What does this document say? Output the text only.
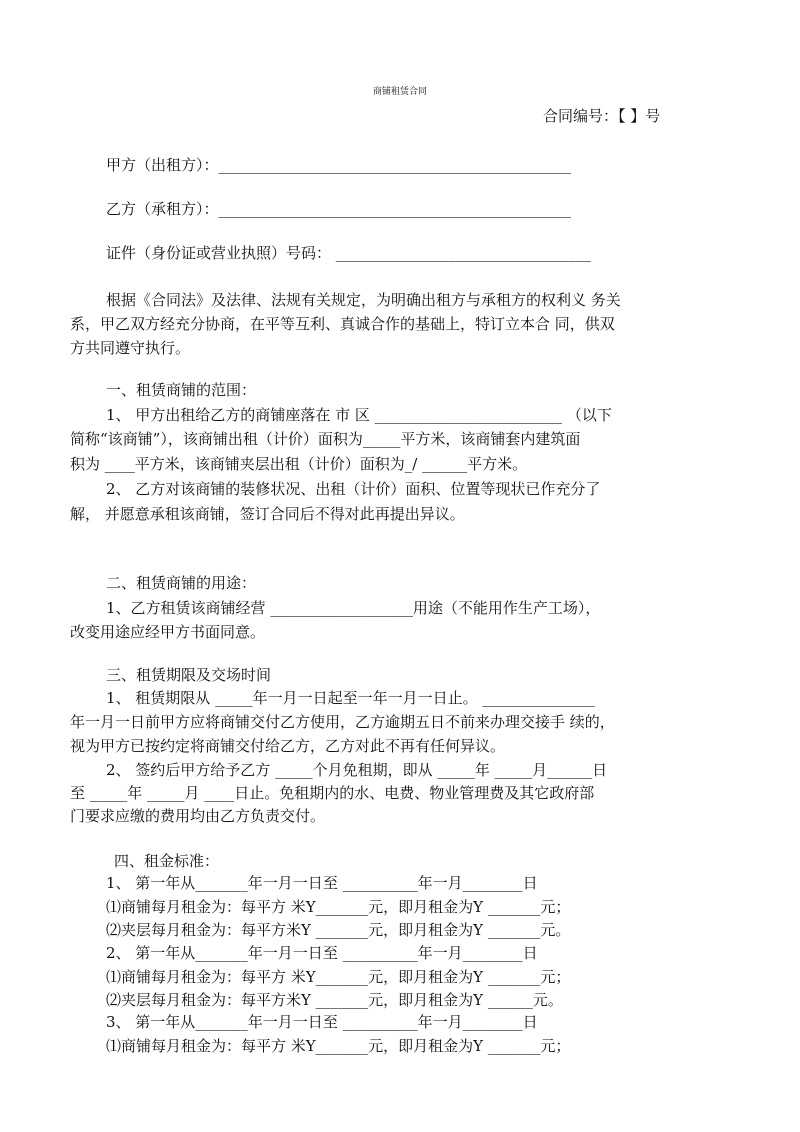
商铺租赁合同
合同编号：【 】号
甲方（出租方）：_______________________________________________
乙方（承租方）：_______________________________________________
证件（身份证或营业执照）号码： __________________________________
根据《合同法》及法律、法规有关规定，为明确出租方与承租方的权利义 务关
系，甲乙双方经充分协商，在平等互利、真诚合作的基础上，特订立本合 同，供双
方共同遵守执行。
一、租赁商铺的范围：
1、 甲方出租给乙方的商铺座落在 市 区 _________________________ （以下
简称“该商铺”），该商铺出租（计价）面积为_____平方米，该商铺套内建筑面
积为 ____平方米，该商铺夹层出租（计价）面积为_/ ______平方米。
2、 乙方对该商铺的装修状况、出租（计价）面积、位置等现状已作充分了
解， 并愿意承租该商铺，签订合同后不得对此再提出异议。
二、租赁商铺的用途：
1、乙方租赁该商铺经营 ___________________用途（不能用作生产工场），
改变用途应经甲方书面同意。
三、租赁期限及交场时间
1、 租赁期限从 _____年一月一日起至一年一月一日止。 _______________
年一月一日前甲方应将商铺交付乙方使用，乙方逾期五日不前来办理交接手 续的，
视为甲方已按约定将商铺交付给乙方，乙方对此不再有任何异议。
2、 签约后甲方给予乙方 _____个月免租期，即从 _____年 _____月______日
至 _____年 _____月 ____日止。免租期内的水、电费、物业管理费及其它政府部
门要求应缴的费用均由乙方负责交付。
四、租金标准：
1、 第一年从_______年一月一日至 __________年一月________日
⑴商铺每月租金为：每平方 米Y_______元，即月租金为Y _______元；
⑵夹层每月租金为：每平方米Y _______元，即月租金为Y _______元。
2、 第一年从_______年一月一日至 __________年一月________日
⑴商铺每月租金为：每平方 米Y_______元，即月租金为Y _______元；
⑵夹层每月租金为：每平方米Y _______元，即月租金为Y ______元。
3、 第一年从_______年一月一日至 __________年一月________日
⑴商铺每月租金为：每平方 米Y_______元，即月租金为Y _______元；
